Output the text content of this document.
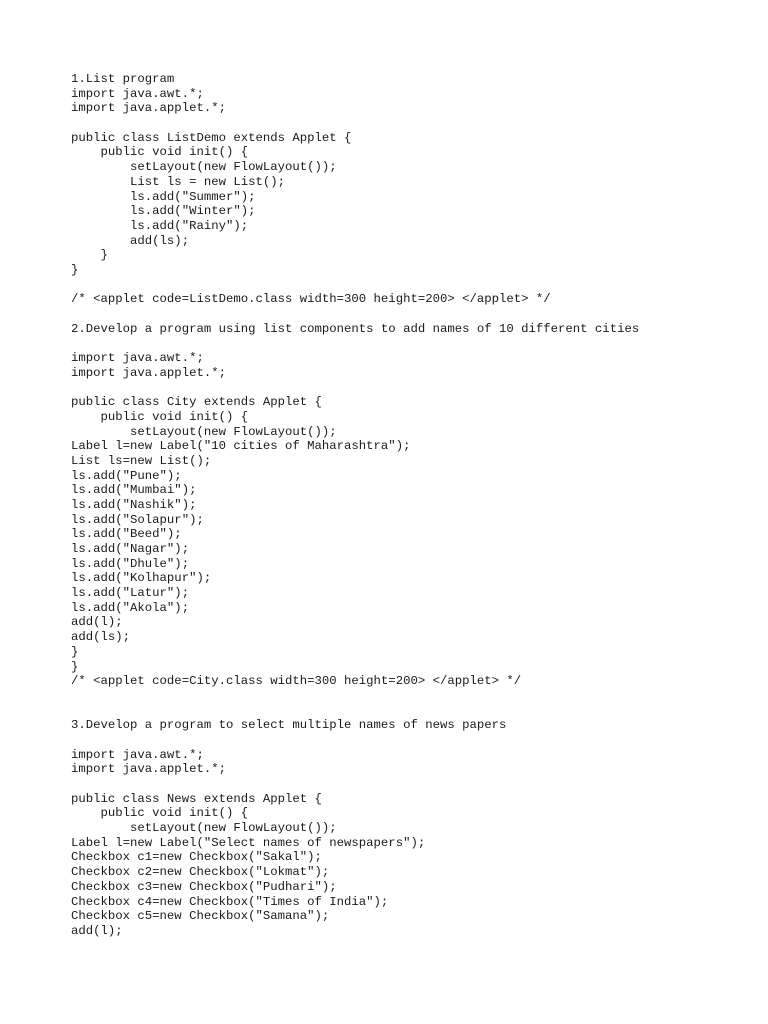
1.List program
import java.awt.*;
import java.applet.*;
public class ListDemo extends Applet {
public void init() {
setLayout(new FlowLayout());
List ls = new List();
ls.add("Summer");
ls.add("Winter");
ls.add("Rainy");
add(ls);
}
}
/* <applet code=ListDemo.class width=300 height=200> </applet> */
2.Develop a program using list components to add names of 10 different cities
import java.awt.*;
import java.applet.*;
public class City extends Applet {
public void init() {
setLayout(new FlowLayout());
Label l=new Label("10 cities of Maharashtra");
List ls=new List();
ls.add("Pune");
ls.add("Mumbai");
ls.add("Nashik");
ls.add("Solapur");
ls.add("Beed");
ls.add("Nagar");
ls.add("Dhule");
ls.add("Kolhapur");
ls.add("Latur");
ls.add("Akola");
add(l);
add(ls);
}
}
/* <applet code=City.class width=300 height=200> </applet> */
3.Develop a program to select multiple names of news papers
import java.awt.*;
import java.applet.*;
public class News extends Applet {
public void init() {
setLayout(new FlowLayout());
Label l=new Label("Select names of newspapers");
Checkbox c1=new Checkbox("Sakal");
Checkbox c2=new Checkbox("Lokmat");
Checkbox c3=new Checkbox("Pudhari");
Checkbox c4=new Checkbox("Times of India");
Checkbox c5=new Checkbox("Samana");
add(l);
